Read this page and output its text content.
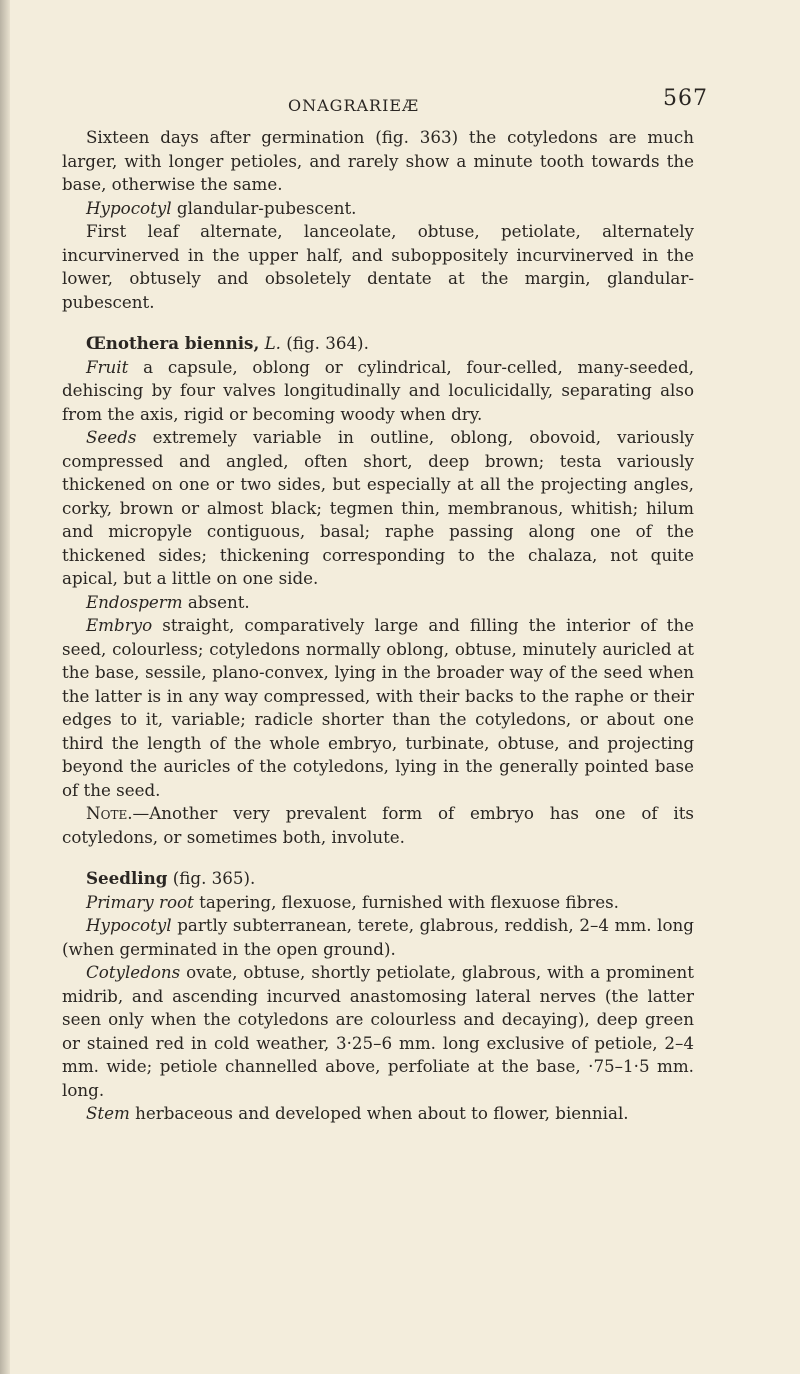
ONAGRARIEÆ	567

Sixteen days after germination (fig. 363) the cotyledons are much larger, with longer petioles, and rarely show a minute tooth towards the base, otherwise the same.

Hypocotyl glandular-pubescent.

First leaf alternate, lanceolate, obtuse, petiolate, alternately incurvinerved in the upper half, and suboppositely incurvinerved in the lower, obtusely and obsoletely dentate at the margin, glandular-pubescent.

Œnothera biennis, L. (fig. 364).

Fruit a capsule, oblong or cylindrical, four-celled, many-seeded, dehiscing by four valves longitudinally and loculicidally, separating also from the axis, rigid or becoming woody when dry.

Seeds extremely variable in outline, oblong, obovoid, variously compressed and angled, often short, deep brown; testa variously thickened on one or two sides, but especially at all the projecting angles, corky, brown or almost black; tegmen thin, membranous, whitish; hilum and micropyle contiguous, basal; raphe passing along one of the thickened sides; thickening corresponding to the chalaza, not quite apical, but a little on one side.

Endosperm absent.

Embryo straight, comparatively large and filling the interior of the seed, colourless; cotyledons normally oblong, obtuse, minutely auricled at the base, sessile, plano-convex, lying in the broader way of the seed when the latter is in any way compressed, with their backs to the raphe or their edges to it, variable; radicle shorter than the cotyledons, or about one third the length of the whole embryo, turbinate, obtuse, and projecting beyond the auricles of the cotyledons, lying in the generally pointed base of the seed.

Note.—Another very prevalent form of embryo has one of its cotyledons, or sometimes both, involute.

Seedling (fig. 365).

Primary root tapering, flexuose, furnished with flexuose fibres.

Hypocotyl partly subterranean, terete, glabrous, reddish, 2–4 mm. long (when germinated in the open ground).

Cotyledons ovate, obtuse, shortly petiolate, glabrous, with a prominent midrib, and ascending incurved anastomosing lateral nerves (the latter seen only when the cotyledons are colourless and decaying), deep green or stained red in cold weather, 3·25–6 mm. long exclusive of petiole, 2–4 mm. wide; petiole channelled above, perfoliate at the base, ·75–1·5 mm. long.

Stem herbaceous and developed when about to flower, biennial.
